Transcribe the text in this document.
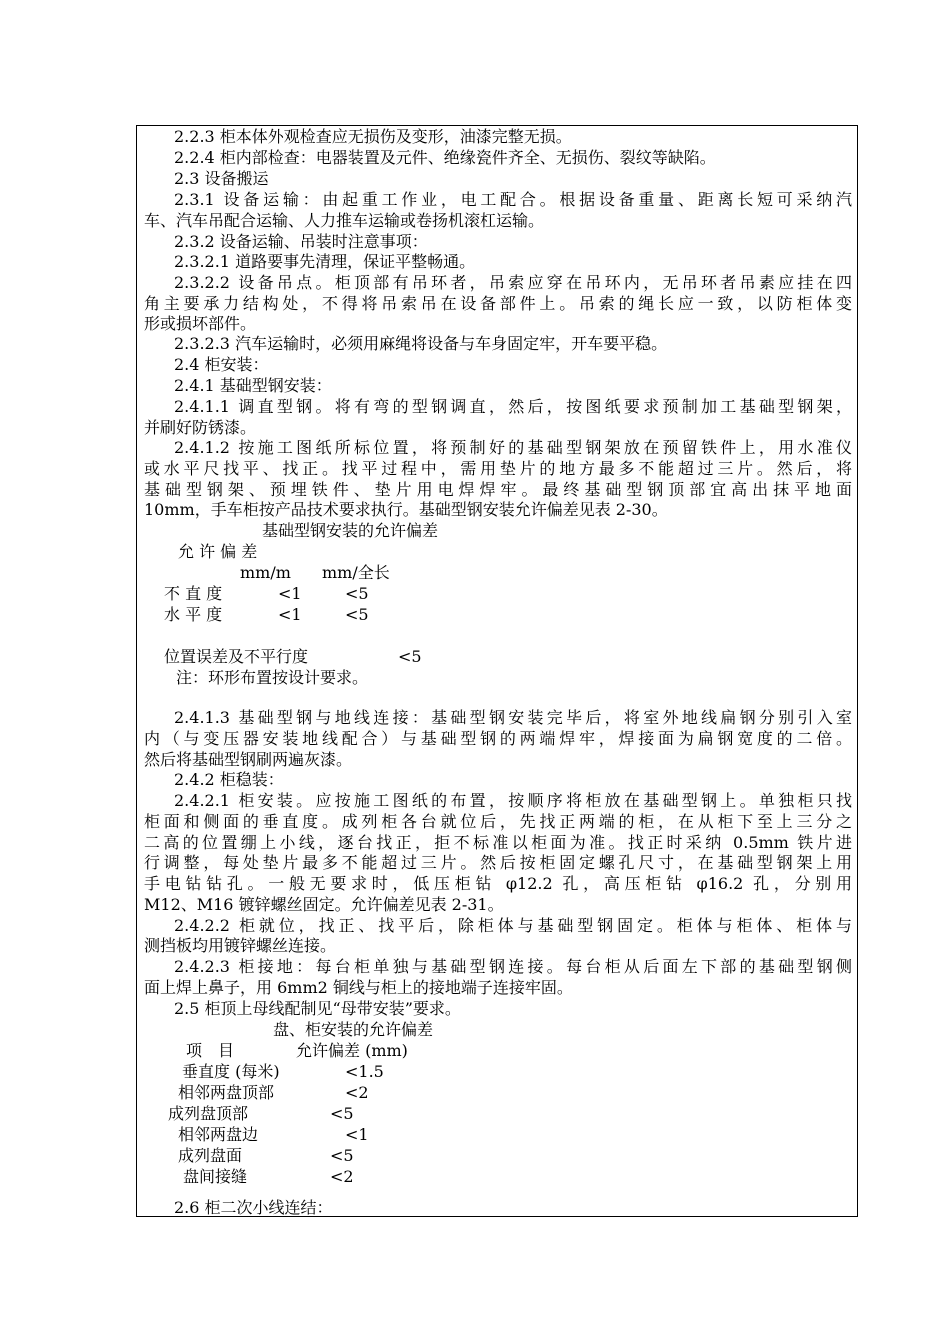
2.2.3 柜本体外观检查应无损伤及变形，油漆完整无损。
2.2.4 柜内部检查：电器装置及元件、绝缘瓷件齐全、无损伤、裂纹等缺陷。
2.3 设备搬运
2.3.1 设备运输：由起重工作业，电工配合。根据设备重量、距离长短可采纳汽
车、汽车吊配合运输、人力推车运输或卷扬机滚杠运输。
2.3.2 设备运输、吊装时注意事项：
2.3.2.1 道路要事先清理，保证平整畅通。
2.3.2.2 设备吊点。柜顶部有吊环者，吊索应穿在吊环内，无吊环者吊素应挂在四
角主要承力结构处，不得将吊索吊在设备部件上。吊索的绳长应一致，以防柜体变
形或损坏部件。
2.3.2.3 汽车运输时，必须用麻绳将设备与车身固定牢，开车要平稳。
2.4 柜安装：
2.4.1 基础型钢安装：
2.4.1.1 调直型钢。将有弯的型钢调直，然后，按图纸要求预制加工基础型钢架，
并刷好防锈漆。
2.4.1.2 按施工图纸所标位置，将预制好的基础型钢架放在预留铁件上，用水准仪
或水平尺找平、找正。找平过程中，需用垫片的地方最多不能超过三片。然后，将
基础型钢架、预埋铁件、垫片用电焊焊牢。最终基础型钢顶部宜高出抹平地面
10mm，手车柜按产品技术要求执行。基础型钢安装允许偏差见表 2-30。
基础型钢安装的允许偏差
允 许 偏 差
mm/m mm/全长
不 直 度	<1	<5
水 平 度	<1	<5
位置误差及不平行度	<5
注：环形布置按设计要求。
2.4.1.3 基础型钢与地线连接：基础型钢安装完毕后，将室外地线扁钢分别引入室
内（与变压器安装地线配合）与基础型钢的两端焊牢，焊接面为扁钢宽度的二倍。
然后将基础型钢刷两遍灰漆。
2.4.2 柜稳装：
2.4.2.1 柜安装。应按施工图纸的布置，按顺序将柜放在基础型钢上。单独柜只找
柜面和侧面的垂直度。成列柜各台就位后，先找正两端的柜，在从柜下至上三分之
二高的位置绷上小线，逐台找正，拒不标准以柜面为准。找正时采纳 0.5mm 铁片进
行调整，每处垫片最多不能超过三片。然后按柜固定螺孔尺寸，在基础型钢架上用
手电钻钻孔。一般无要求时，低压柜钻 φ12.2 孔，高压柜钻 φ16.2 孔，分别用
M12、M16 镀锌螺丝固定。允许偏差见表 2-31。
2.4.2.2 柜就位，找正、找平后，除柜体与基础型钢固定。柜体与柜体、柜体与
测挡板均用镀锌螺丝连接。
2.4.2.3 柜接地：每台柜单独与基础型钢连接。每台柜从后面左下部的基础型钢侧
面上焊上鼻子，用 6mm2 铜线与柜上的接地端子连接牢固。
2.5 柜顶上母线配制见“母带安装”要求。
盘、柜安装的允许偏差
项　目	允许偏差 (mm)
垂直度 (每米)	<1.5
相邻两盘顶部	<2
成列盘顶部	<5
相邻两盘边	<1
成列盘面	<5
盘间接缝	<2
2.6 柜二次小线连结：
